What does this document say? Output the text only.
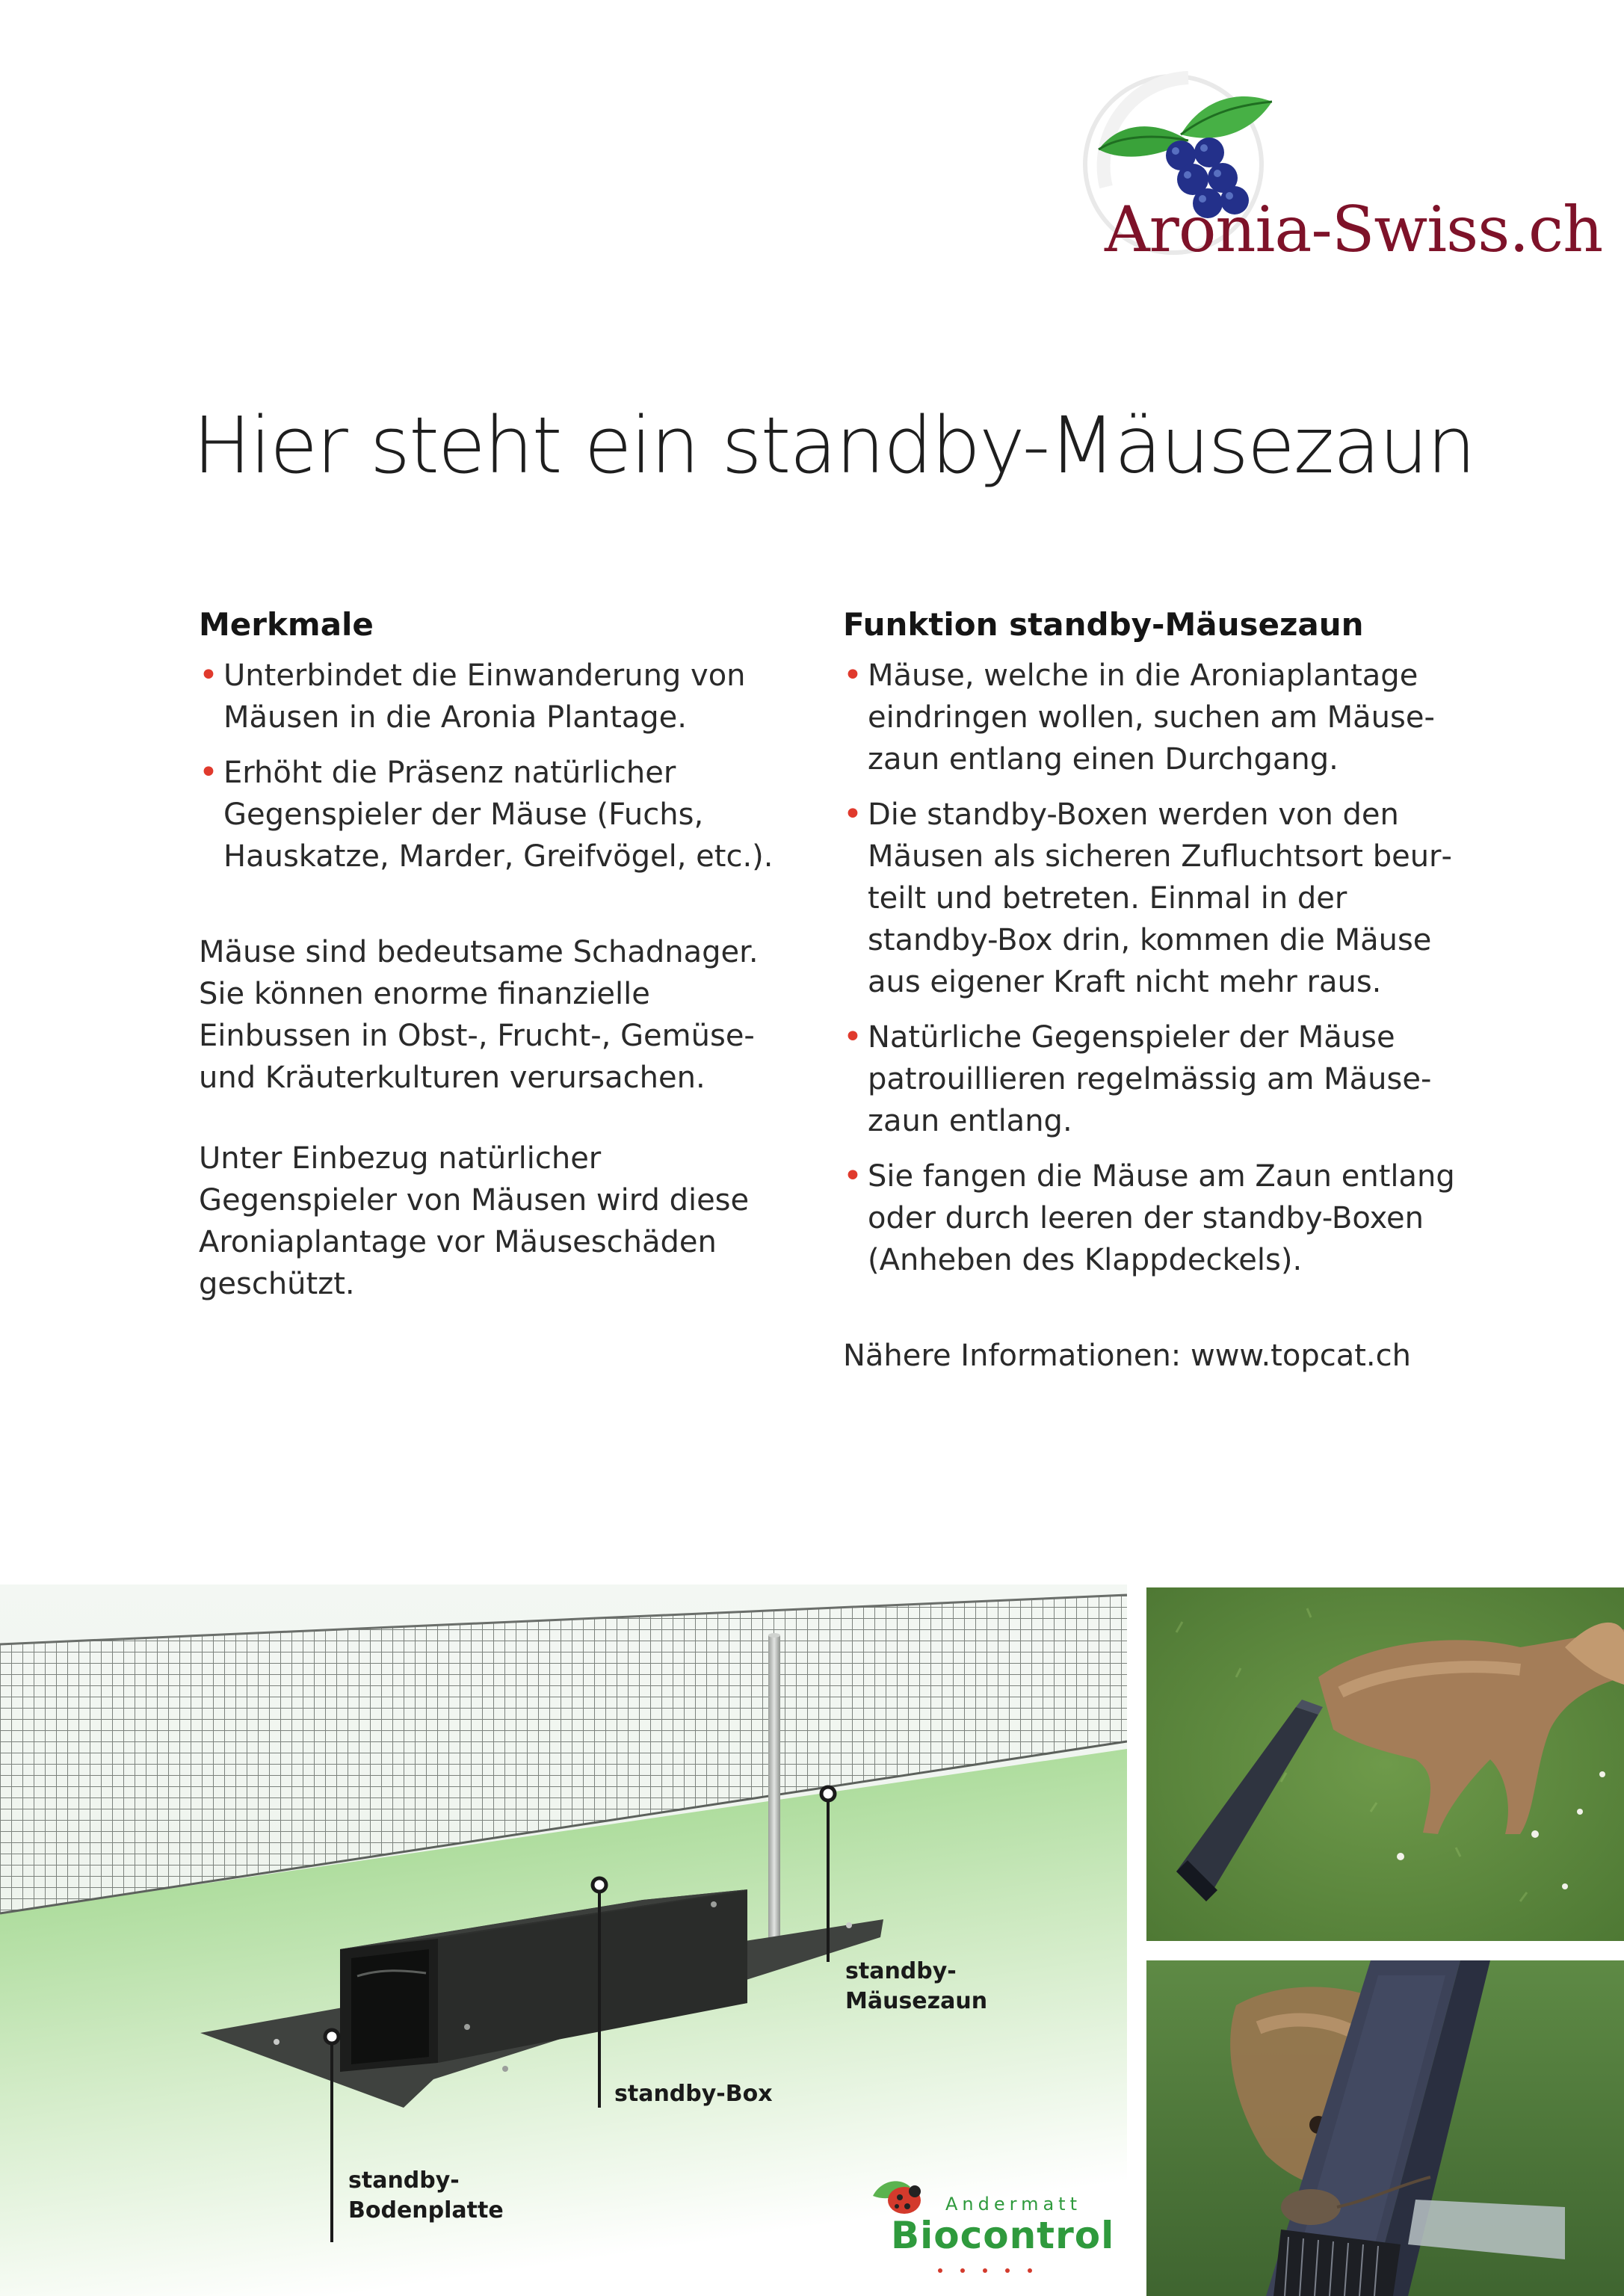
Aronia-Swiss.ch
Hier steht ein standby-Mäusezaun
Merkmale
• Unterbindet die Einwanderung von Mäusen in die Aronia Plantage.
• Erhöht die Präsenz natürlicher Gegenspieler der Mäuse (Fuchs, Hauskatze, Marder, Greifvögel, etc.).

Mäuse sind bedeutsame Schadnager. Sie können enorme finanzielle Einbussen in Obst-, Frucht-, Gemüse- und Kräuterkulturen verursachen.

Unter Einbezug natürlicher Gegenspieler von Mäusen wird diese Aroniaplantage vor Mäuseschäden geschützt.

Funktion standby-Mäusezaun
• Mäuse, welche in die Aroniaplantage eindringen wollen, suchen am Mäusezaun entlang einen Durchgang.
• Die standby-Boxen werden von den Mäusen als sicheren Zufluchtsort beurteilt und betreten. Einmal in der standby-Box drin, kommen die Mäuse aus eigener Kraft nicht mehr raus.
• Natürliche Gegenspieler der Mäuse patrouillieren regelmässig am Mäusezaun entlang.
• Sie fangen die Mäuse am Zaun entlang oder durch leeren der standby-Boxen (Anheben des Klappdeckels).

Nähere Informationen: www.topcat.ch

standby-
Mäusezaun
standby-Box
standby-
Bodenplatte	Andermatt
Biocontrol
